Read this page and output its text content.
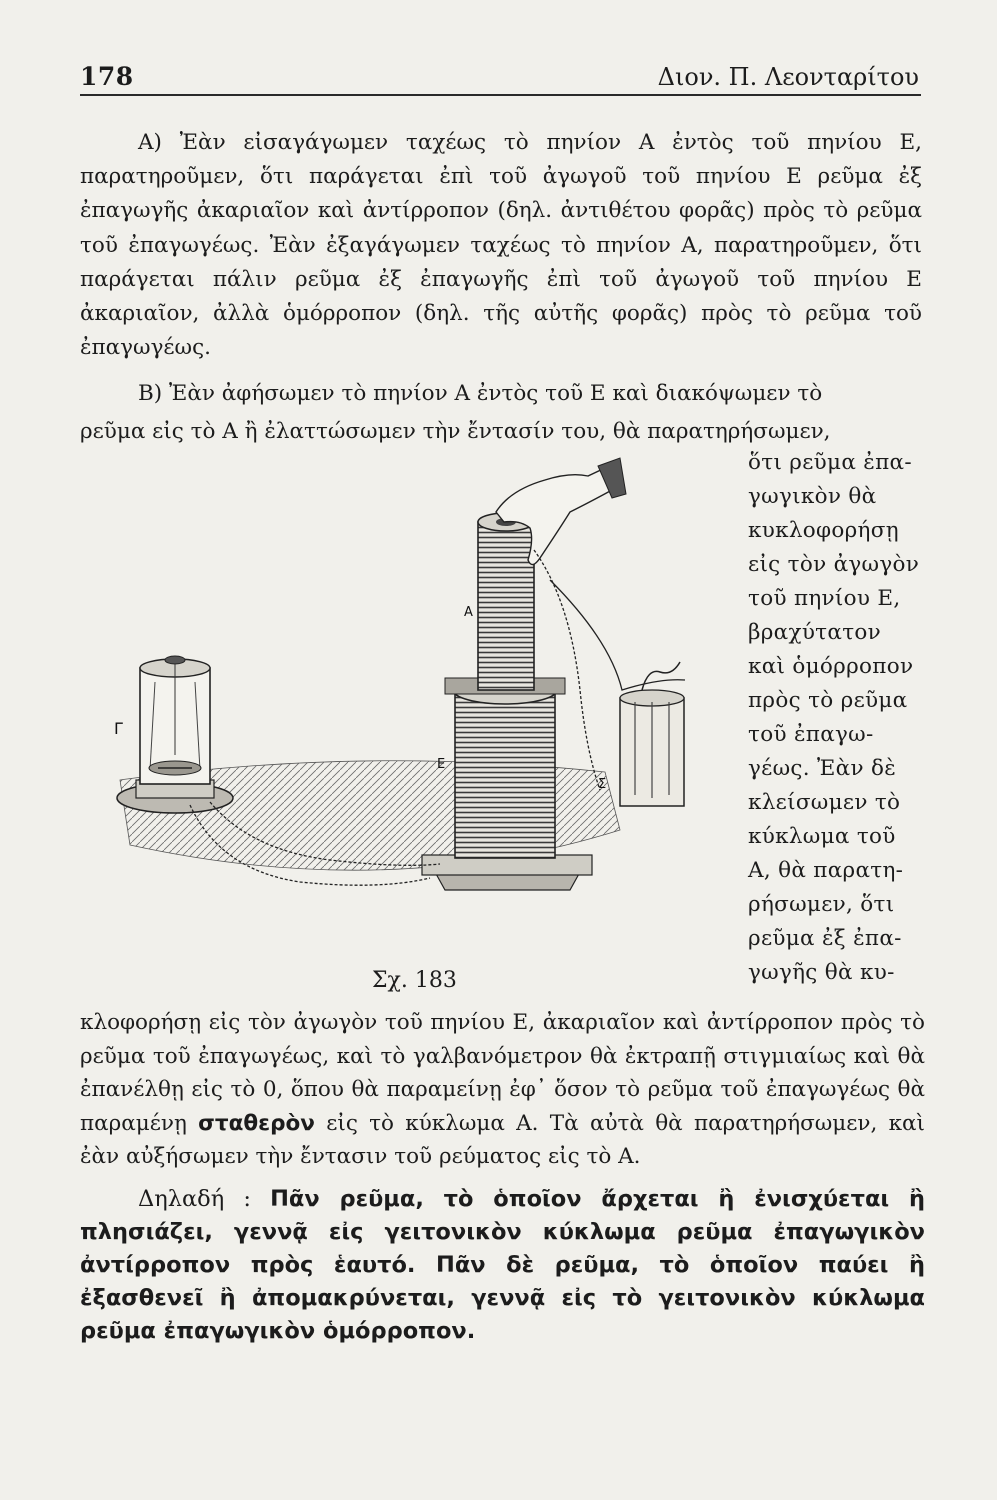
178	Διον. Π. Λεονταρίτου

A) Ἐὰν εἰσαγάγωμεν ταχέως τὸ πηνίον A ἐντὸς τοῦ πηνίου E, παρατηροῦμεν, ὅτι παράγεται ἐπὶ τοῦ ἀγωγοῦ τοῦ πηνίου E ρεῦμα ἐξ ἐπαγωγῆς ἀκαριαῖον καὶ ἀντίρροπον (δηλ. ἀντιθέτου φορᾶς) πρὸς τὸ ρεῦμα τοῦ ἐπαγωγέως. Ἐὰν ἐξαγάγωμεν ταχέως τὸ πηνίον A, παρατηροῦμεν, ὅτι παράγεται πάλιν ρεῦμα ἐξ ἐπαγωγῆς ἐπὶ τοῦ ἀγωγοῦ τοῦ πηνίου E ἀκαριαῖον, ἀλλὰ ὁμόρροπον (δηλ. τῆς αὐτῆς φορᾶς) πρὸς τὸ ρεῦμα τοῦ ἐπαγωγέως.

B) Ἐὰν ἀφήσωμεν τὸ πηνίον A ἐντὸς τοῦ E καὶ διακόψωμεν τὸ

ρεῦμα εἰς τὸ A ἢ ἐλαττώσωμεν τὴν ἔντασίν του, θὰ παρατηρήσωμεν,

ὅτι ρεῦμα ἐπα-

γωγικὸν θὰ

κυκλοφορήσῃ

εἰς τὸν ἀγωγὸν

τοῦ πηνίου E,

βραχύτατον

καὶ ὁμόρροπον

πρὸς τὸ ρεῦμα

τοῦ ἐπαγω-

γέως. Ἐὰν δὲ

κλείσωμεν τὸ

κύκλωμα τοῦ

A, θὰ παρατη-

ρήσωμεν, ὅτι

ρεῦμα ἐξ ἐπα-

γωγῆς θὰ κυ-

Γ
E
A
Σ

Σχ. 183

κλοφορήσῃ εἰς τὸν ἀγωγὸν τοῦ πηνίου E, ἀκαριαῖον καὶ ἀντίρροπον πρὸς τὸ ρεῦμα τοῦ ἐπαγωγέως, καὶ τὸ γαλβανόμετρον θὰ ἐκτραπῇ στιγμιαίως καὶ θὰ ἐπανέλθῃ εἰς τὸ 0, ὅπου θὰ παραμείνῃ ἐφ᾽ ὅσον τὸ ρεῦμα τοῦ ἐπαγωγέως θὰ παραμένῃ σταθερὸν εἰς τὸ κύκλωμα A. Τὰ αὐτὰ θὰ παρατηρήσωμεν, καὶ ἐὰν αὐξήσωμεν τὴν ἔντασιν τοῦ ρεύματος εἰς τὸ A.

Δηλαδή : Πᾶν ρεῦμα, τὸ ὁποῖον ἄρχεται ἢ ἐνισχύεται ἢ πλησιάζει, γεννᾷ εἰς γειτονικὸν κύκλωμα ρεῦμα ἐπαγωγικὸν ἀντίρροπον πρὸς ἑαυτό. Πᾶν δὲ ρεῦμα, τὸ ὁποῖον παύει ἢ ἐξασθενεῖ ἢ ἀπομακρύνεται, γεννᾷ εἰς τὸ γειτονικὸν κύκλωμα ρεῦμα ἐπαγωγικὸν ὁμόρροπον.
